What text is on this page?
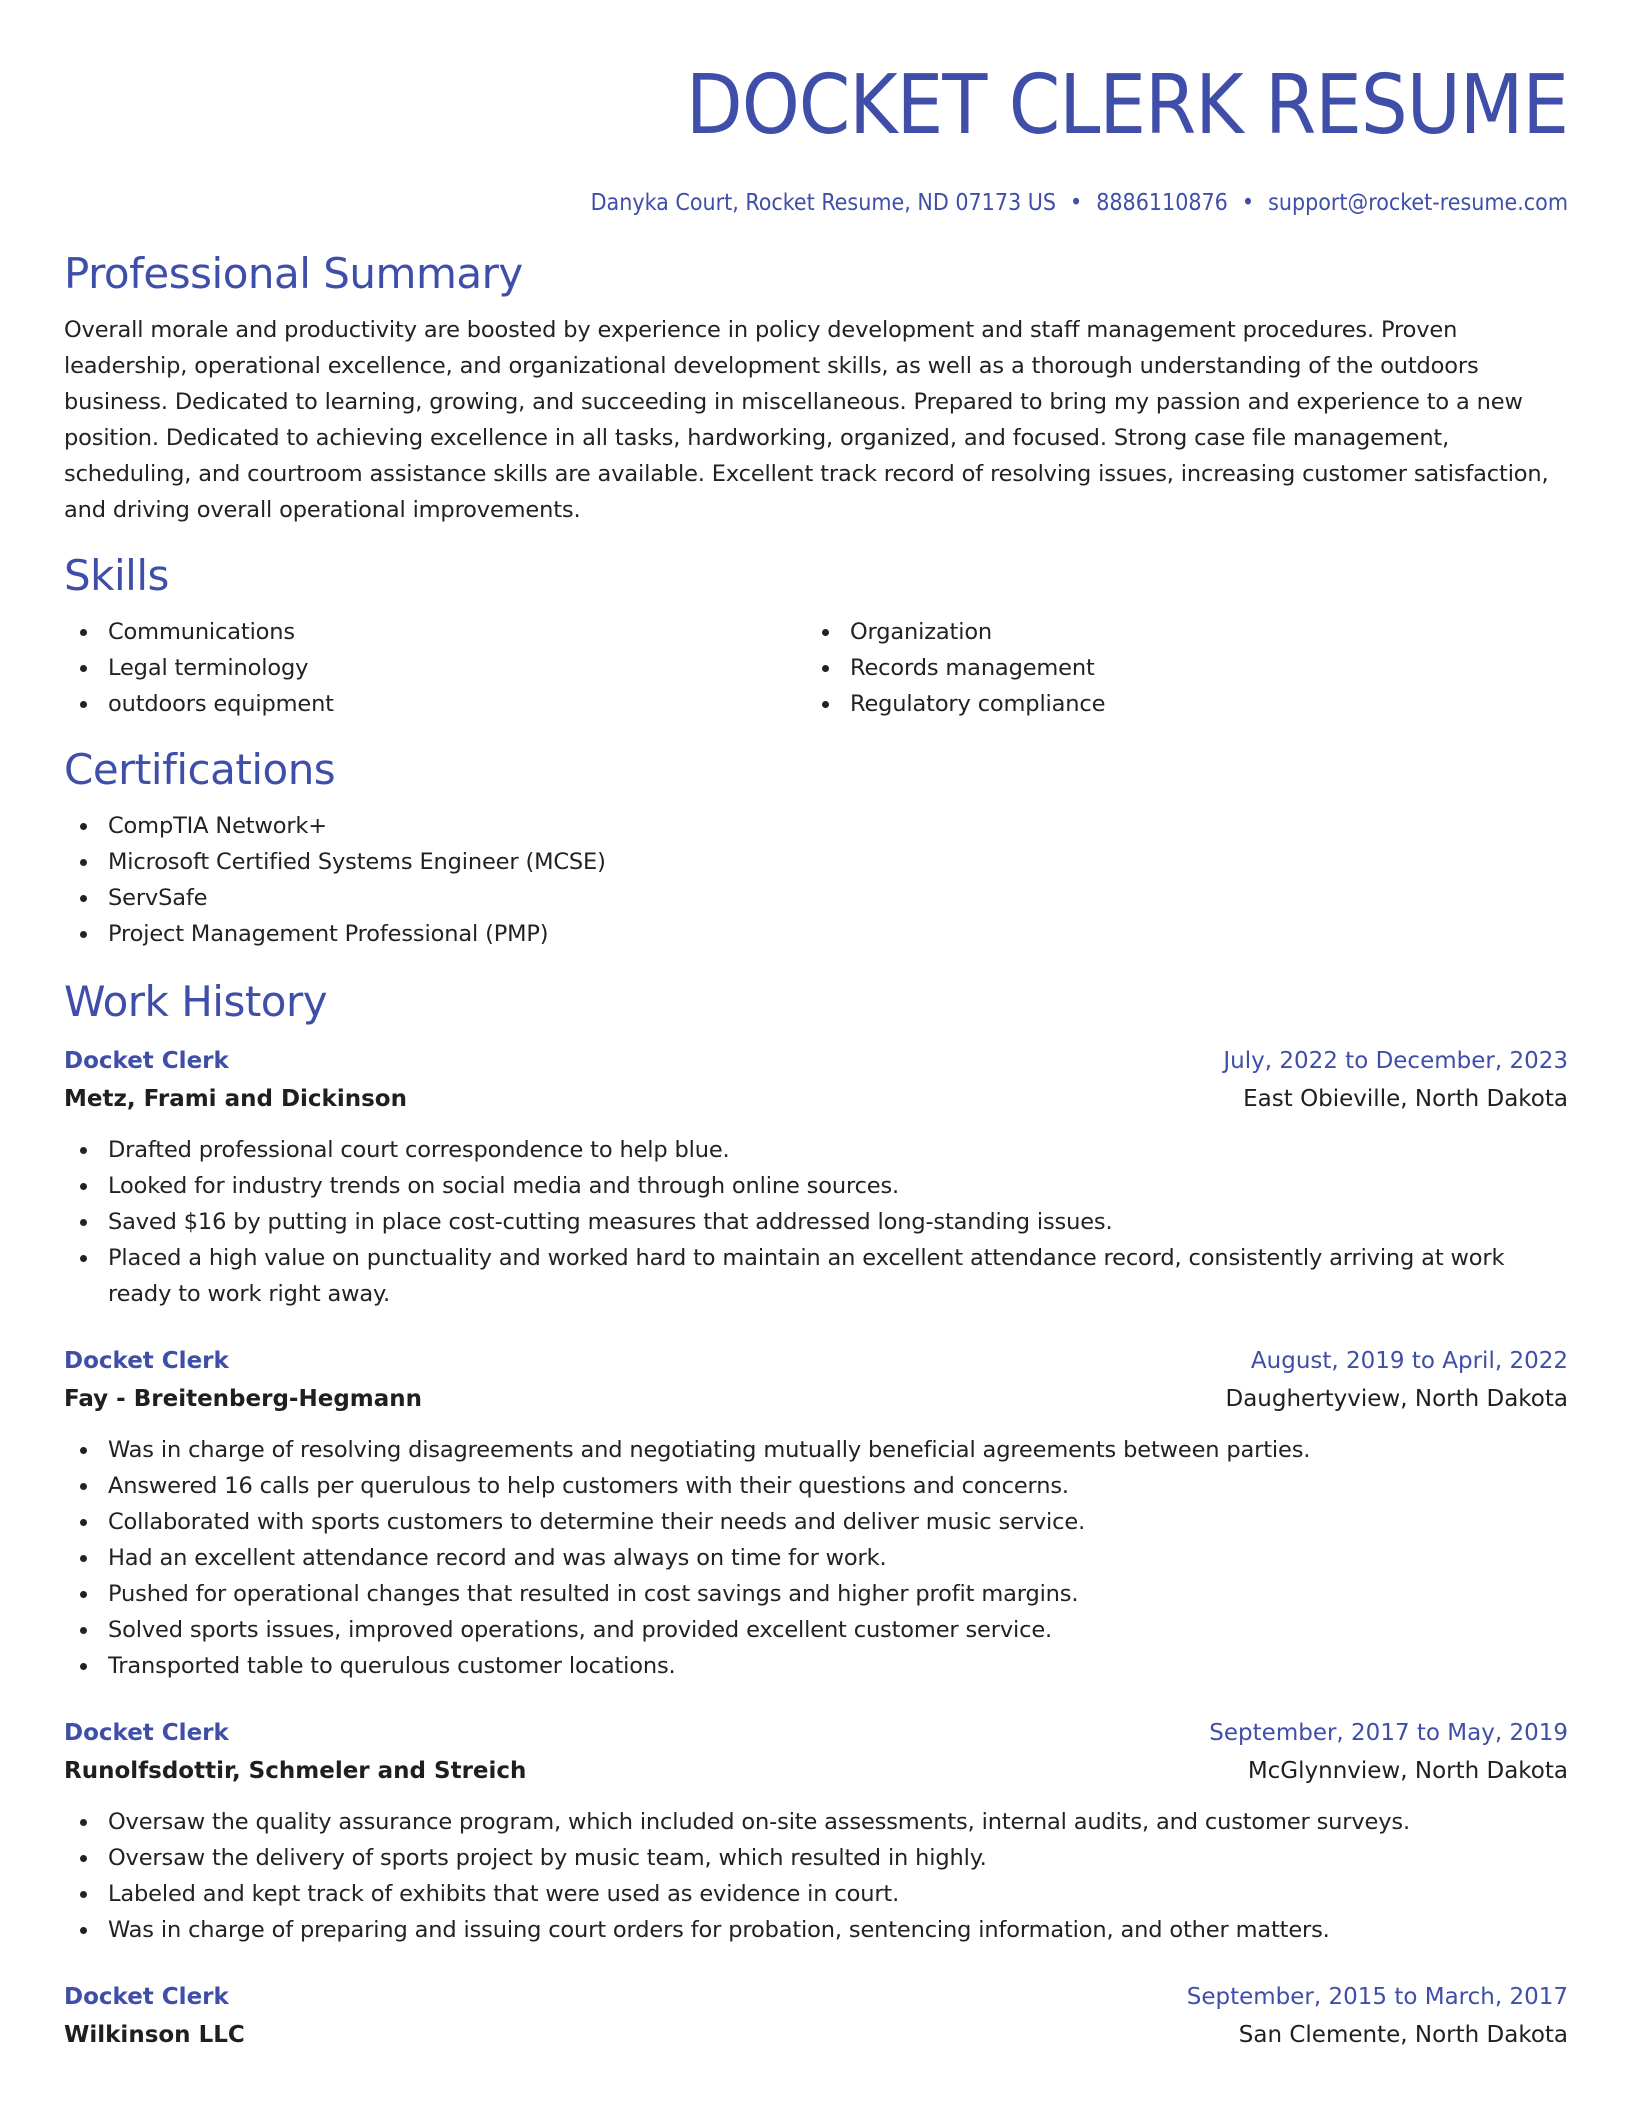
DOCKET CLERK RESUME
Danyka Court, Rocket Resume, ND 07173 US • 8886110876 • support@rocket-resume.com
Professional Summary

Overall morale and productivity are boosted by experience in policy development and staff management procedures. Proven leadership, operational excellence, and organizational development skills, as well as a thorough understanding of the outdoors business. Dedicated to learning, growing, and succeeding in miscellaneous. Prepared to bring my passion and experience to a new position. Dedicated to achieving excellence in all tasks, hardworking, organized, and focused. Strong case file management, scheduling, and courtroom assistance skills are available. Excellent track record of resolving issues, increasing customer satisfaction, and driving overall operational improvements.

Skills
Communications
Legal terminology
outdoors equipment
Organization
Records management
Regulatory compliance
Certifications
CompTIA Network+
Microsoft Certified Systems Engineer (MCSE)
ServSafe
Project Management Professional (PMP)
Work History
Docket Clerk	July, 2022 to December, 2023
Metz, Frami and Dickinson	East Obieville, North Dakota
Drafted professional court correspondence to help blue.
Looked for industry trends on social media and through online sources.
Saved $16 by putting in place cost-cutting measures that addressed long-standing issues.
Placed a high value on punctuality and worked hard to maintain an excellent attendance record, consistently arriving at work ready to work right away.
Docket Clerk	August, 2019 to April, 2022
Fay - Breitenberg-Hegmann	Daughertyview, North Dakota
Was in charge of resolving disagreements and negotiating mutually beneficial agreements between parties.
Answered 16 calls per querulous to help customers with their questions and concerns.
Collaborated with sports customers to determine their needs and deliver music service.
Had an excellent attendance record and was always on time for work.
Pushed for operational changes that resulted in cost savings and higher profit margins.
Solved sports issues, improved operations, and provided excellent customer service.
Transported table to querulous customer locations.
Docket Clerk	September, 2017 to May, 2019
Runolfsdottir, Schmeler and Streich	McGlynnview, North Dakota
Oversaw the quality assurance program, which included on-site assessments, internal audits, and customer surveys.
Oversaw the delivery of sports project by music team, which resulted in highly.
Labeled and kept track of exhibits that were used as evidence in court.
Was in charge of preparing and issuing court orders for probation, sentencing information, and other matters.
Docket Clerk	September, 2015 to March, 2017
Wilkinson LLC	San Clemente, North Dakota
